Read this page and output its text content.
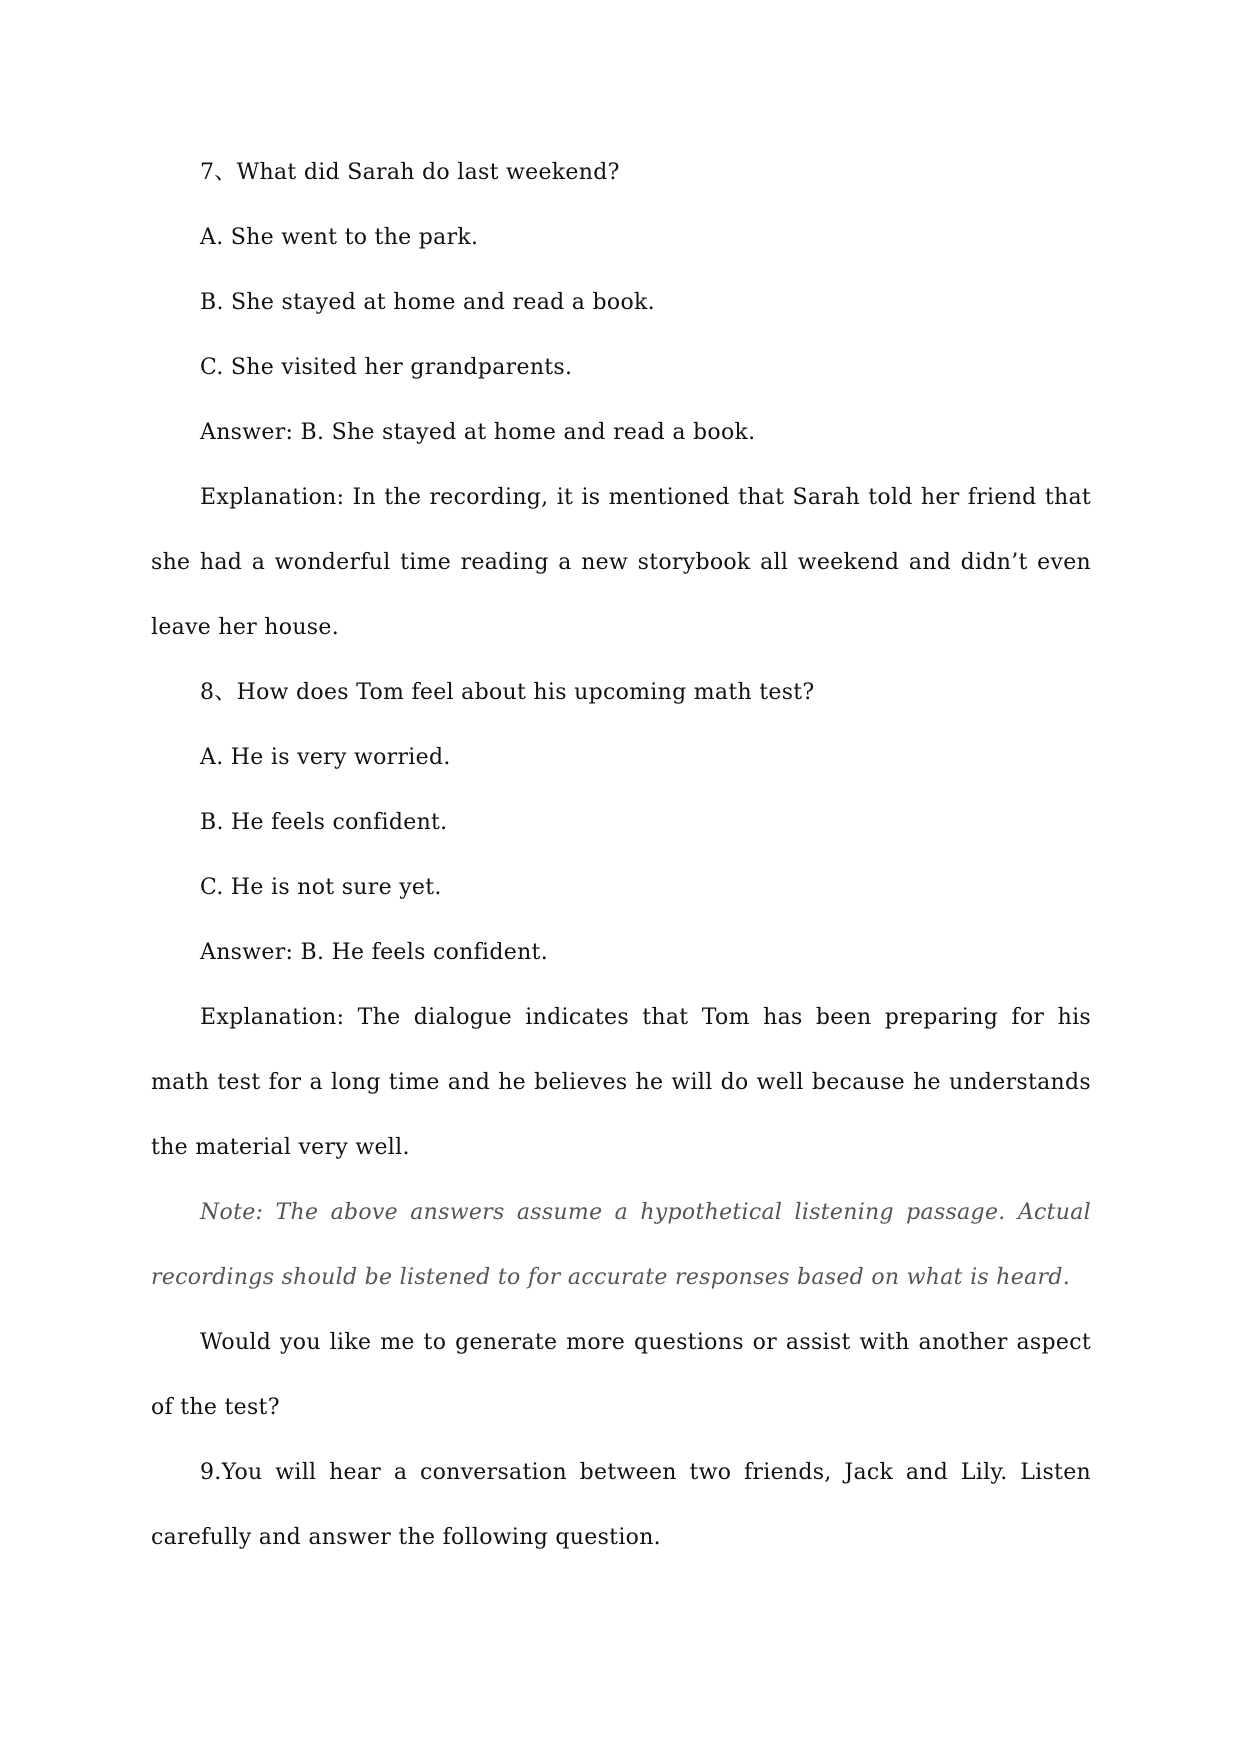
7、What did Sarah do last weekend?

A. She went to the park.

B. She stayed at home and read a book.

C. She visited her grandparents.

Answer: B. She stayed at home and read a book.

Explanation: In the recording, it is mentioned that Sarah told her friend that she had a wonderful time reading a new storybook all weekend and didn’t even leave her house.

8、How does Tom feel about his upcoming math test?

A. He is very worried.

B. He feels confident.

C. He is not sure yet.

Answer: B. He feels confident.

Explanation: The dialogue indicates that Tom has been preparing for his math test for a long time and he believes he will do well because he understands the material very well.

Note: The above answers assume a hypothetical listening passage. Actual recordings should be listened to for accurate responses based on what is heard.

Would you like me to generate more questions or assist with another aspect of the test?

9.You will hear a conversation between two friends, Jack and Lily. Listen carefully and answer the following question.
